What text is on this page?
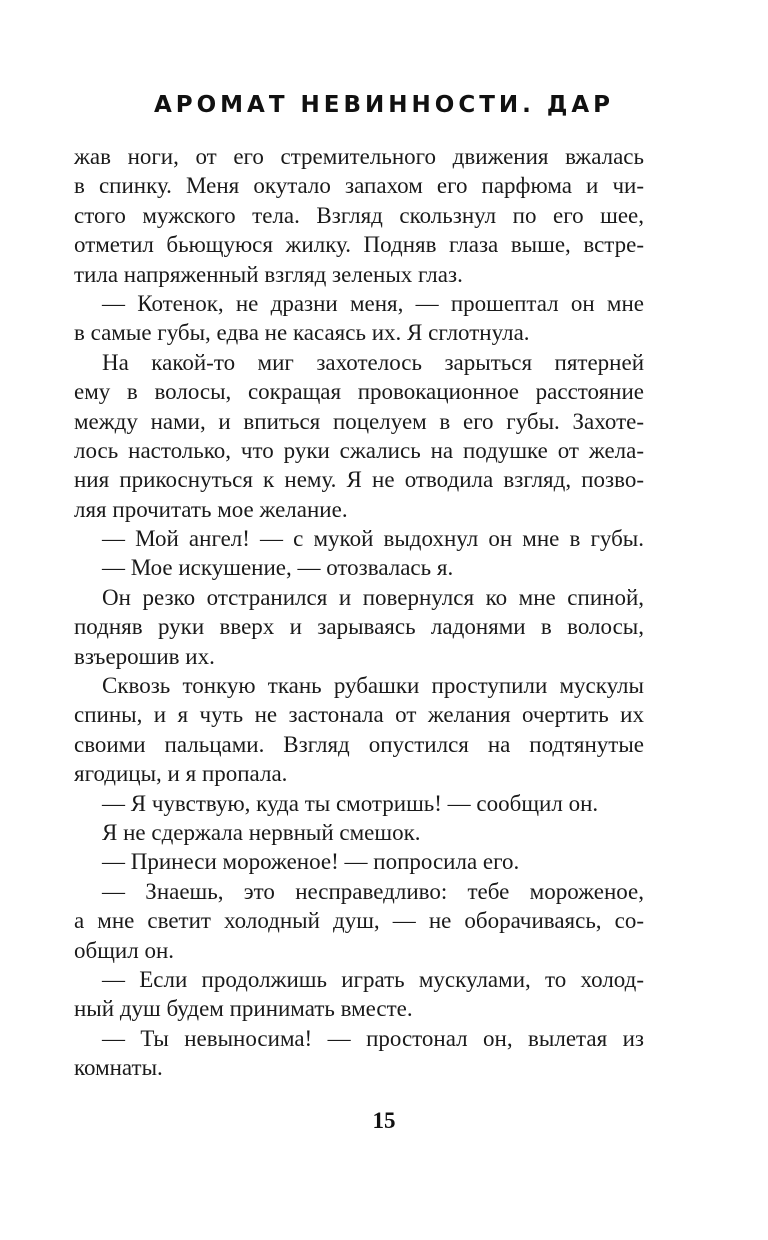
АРОМАТ НЕВИННОСТИ. ДАР
жав ноги, от его стремительного движения вжалась
в спинку. Меня окутало запахом его парфюма и чи-
стого мужского тела. Взгляд скользнул по его шее,
отметил бьющуюся жилку. Подняв глаза выше, встре-
тила напряженный взгляд зеленых глаз.
— Котенок, не дразни меня, — прошептал он мне
в самые губы, едва не касаясь их. Я сглотнула.
На какой-то миг захотелось зарыться пятерней
ему в волосы, сокращая провокационное расстояние
между нами, и впиться поцелуем в его губы. Захоте-
лось настолько, что руки сжались на подушке от жела-
ния прикоснуться к нему. Я не отводила взгляд, позво-
ляя прочитать мое желание.
— Мой ангел! — с мукой выдохнул он мне в губы.
— Мое искушение, — отозвалась я.
Он резко отстранился и повернулся ко мне спиной,
подняв руки вверх и зарываясь ладонями в волосы,
взъерошив их.
Сквозь тонкую ткань рубашки проступили мускулы
спины, и я чуть не застонала от желания очертить их
своими пальцами. Взгляд опустился на подтянутые
ягодицы, и я пропала.
— Я чувствую, куда ты смотришь! — сообщил он.
Я не сдержала нервный смешок.
— Принеси мороженое! — попросила его.
— Знаешь, это несправедливо: тебе мороженое,
а мне светит холодный душ, — не оборачиваясь, со-
общил он.
— Если продолжишь играть мускулами, то холод-
ный душ будем принимать вместе.
— Ты невыносима! — простонал он, вылетая из
комнаты.
15
